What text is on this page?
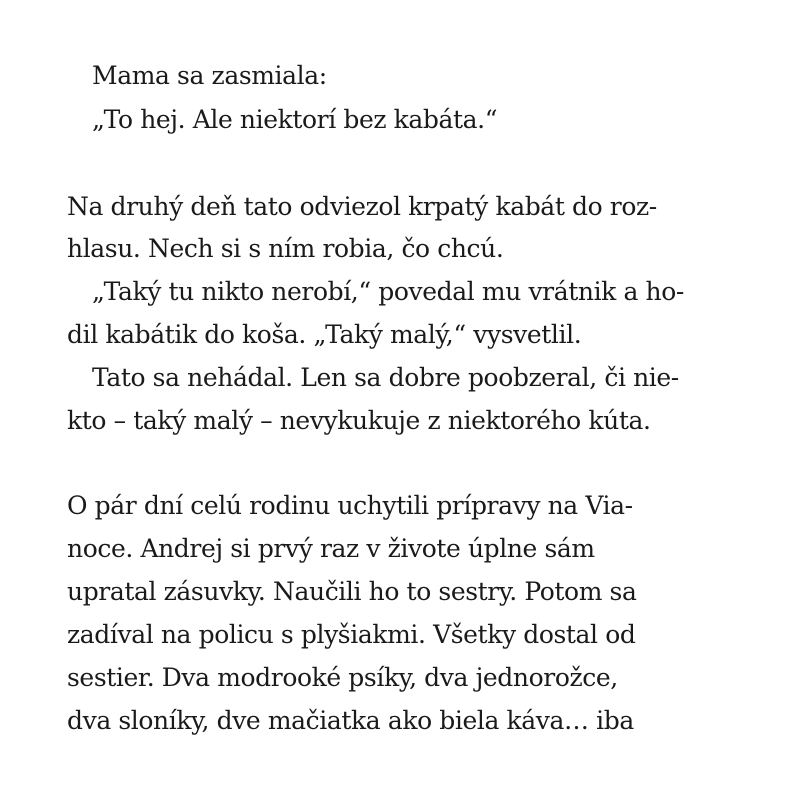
Mama sa zasmiala:
„To hej. Ale niektorí bez kabáta.“
Na druhý deň tato odviezol krpatý kabát do roz-
hlasu. Nech si s ním robia, čo chcú.
„Taký tu nikto nerobí,“ povedal mu vrátnik a ho-
dil kabátik do koša. „Taký malý,“ vysvetlil.
Tato sa nehádal. Len sa dobre poobzeral, či nie-
kto – taký malý – nevykukuje z niektorého kúta.
O pár dní celú rodinu uchytili prípravy na Via-
noce. Andrej si prvý raz v živote úplne sám
upratal zásuvky. Naučili ho to sestry. Potom sa
zadíval na policu s plyšiakmi. Všetky dostal od
sestier. Dva modrooké psíky, dva jednorožce,
dva sloníky, dve mačiatka ako biela káva… iba
